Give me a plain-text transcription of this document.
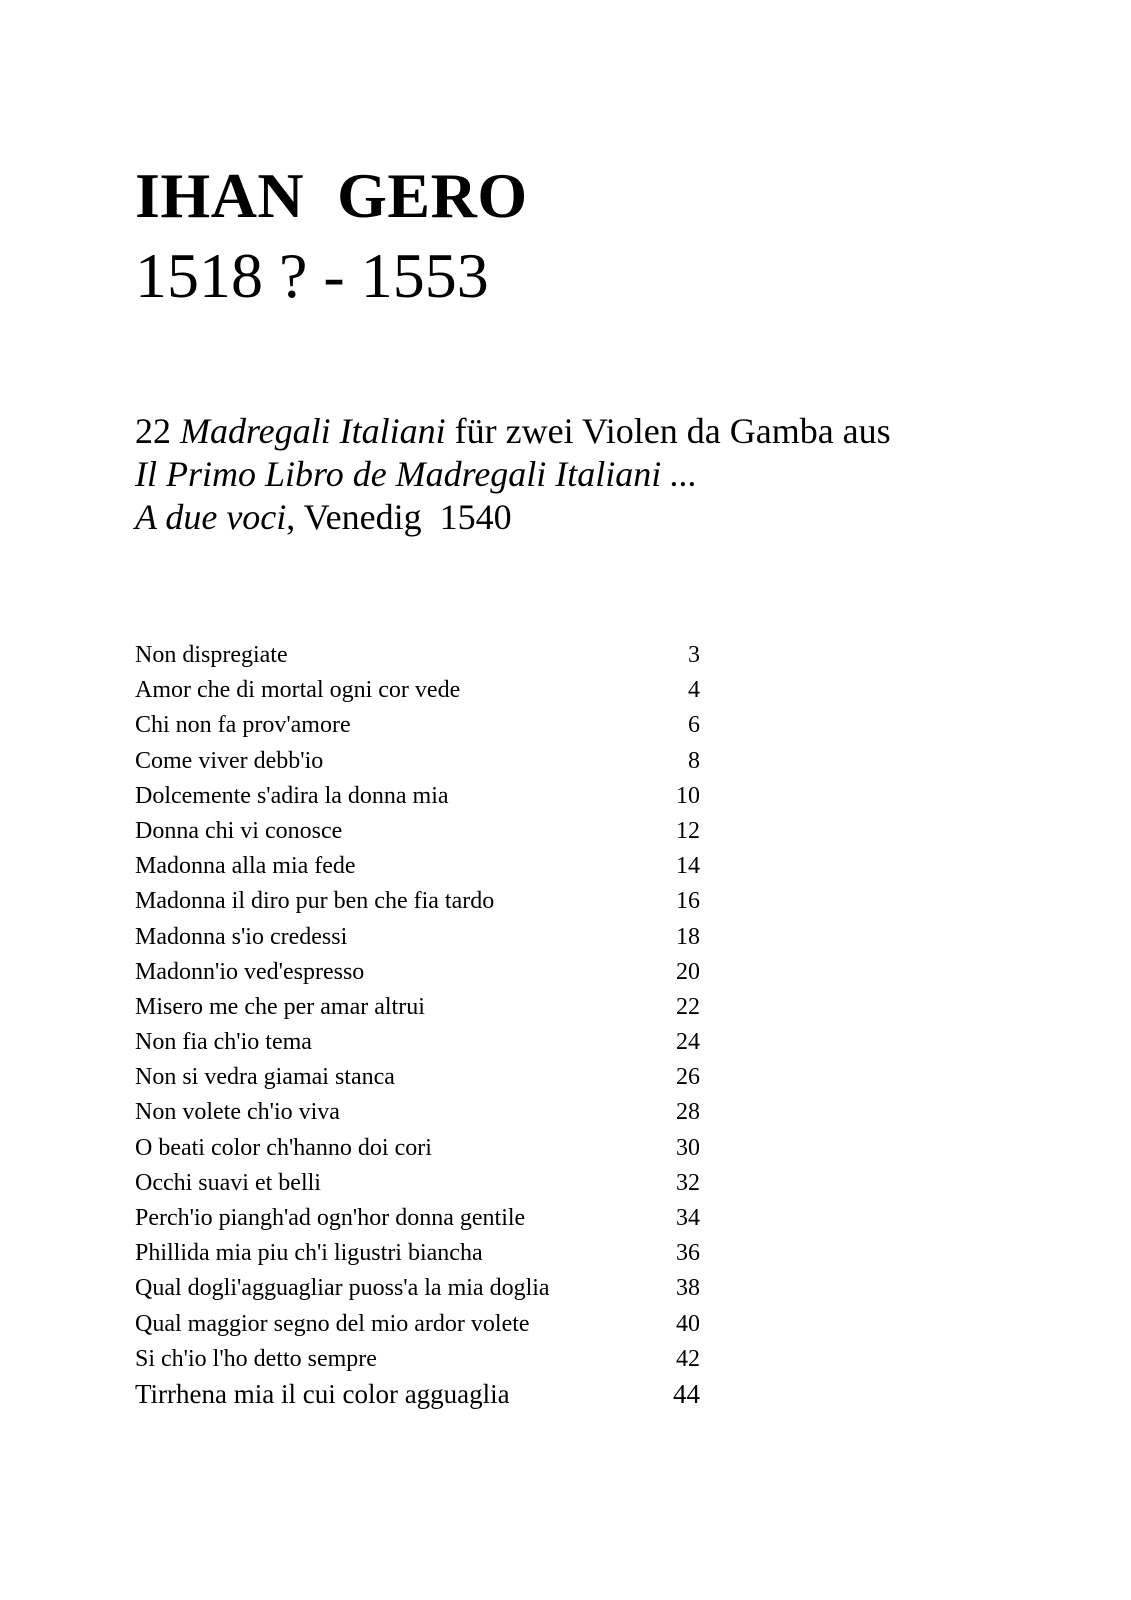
IHAN  GERO
1518 ? - 1553
22 Madregali Italiani für zwei Violen da Gamba aus
Il Primo Libro de Madregali Italiani ...
A due voci, Venedig  1540
Non dispregiate	3
Amor che di mortal ogni cor vede	4
Chi non fa prov'amore	6
Come viver debb'io	8
Dolcemente s'adira la donna mia	10
Donna chi vi conosce	12
Madonna alla mia fede	14
Madonna il diro pur ben che fia tardo	16
Madonna s'io credessi	18
Madonn'io ved'espresso	20
Misero me che per amar altrui	22
Non fia ch'io tema	24
Non si vedra giamai stanca	26
Non volete ch'io viva	28
O beati color ch'hanno doi cori	30
Occhi suavi et belli	32
Perch'io piangh'ad ogn'hor donna gentile	34
Phillida mia piu ch'i ligustri biancha	36
Qual dogli'agguagliar puoss'a la mia doglia	38
Qual maggior segno del mio ardor volete	40
Si ch'io l'ho detto sempre	42
Tirrhena mia il cui color agguaglia	44
